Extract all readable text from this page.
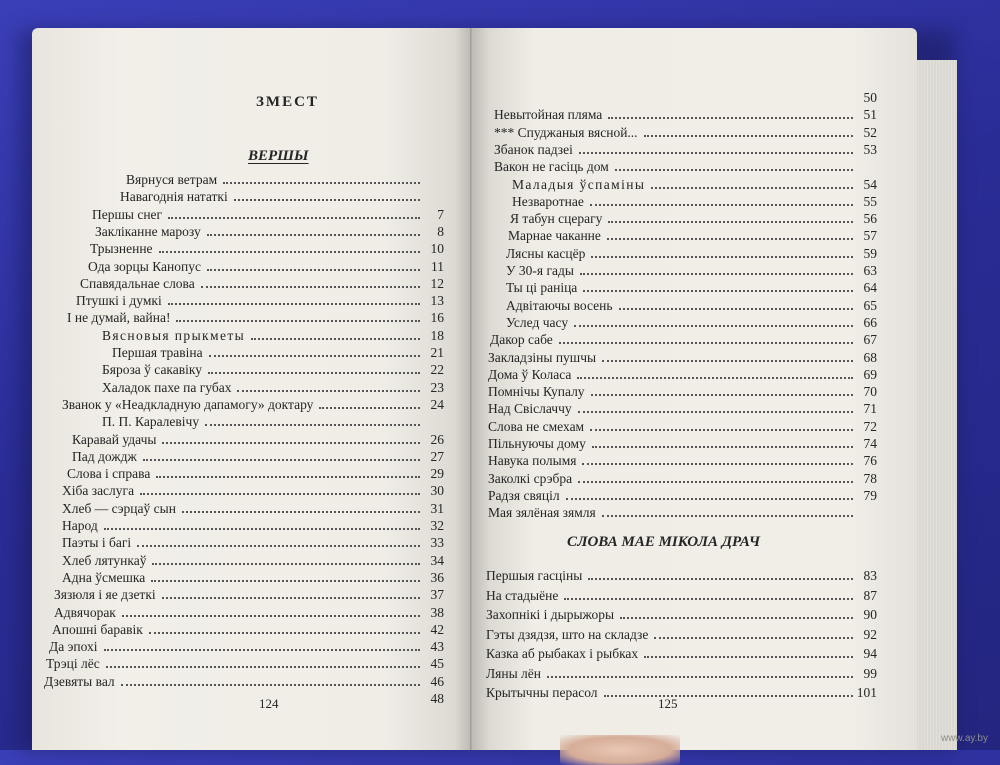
ЗМЕСТ
ВЕРШЫ
Вярнуся ветрам
Навагоднія нататкі
Першы снег	7
Закліканне марозу	8
Трызненне	10
Ода зорцы Канопус	11
Спавядальнае слова	12
Птушкі і думкі	13
І не думай, вайна!	16
Вясновыя прыкметы	18
Першая травіна	21
Бяроза ў сакавіку	22
Халадок пахе па губах	23
Званок у «Неадкладную дапамогу» доктару	24
П. П. Каралевічу
Каравай удачы	26
Пад дождж	27
Слова і справа	29
Хіба заслуга	30
Хлеб — сэрцаў сын	31
Народ	32
Паэты і багі	33
Хлеб лятункаў	34
Адна ўсмешка	36
Зязюля і яе дзеткі	37
Адвячорак	38
Апошні баравік	42
Да эпохі	43
Трэці лёс	45
Дзевяты вал	46
48
124
50
Невытойная пляма	51
*** Спуджаныя вясной...	52
Збанок падзеі	53
Вакон не гасіць дом
Маладыя ўспаміны	54
Незваротнае	55
Я табун сцерагу	56
Марнае чаканне	57
Лясны касцёр	59
У 30-я гады	63
Ты ці раніца	64
Адвітаючы восень	65
Услед часу	66
Дакор сабе	67
Закладзіны пушчы	68
Дома ў Коласа	69
Помнічы Купалу	70
Над Свіслаччу	71
Слова не смехам	72
Пільнуючы дому	74
Навука полымя	76
Заколкі срэбра	78
Радзя свяціл	79
Мая зялёная зямля
СЛОВА МАЕ МІКОЛА ДРАЧ
Першыя гасціны	83
На стадыёне	87
Захопнікі і дырыжоры	90
Гэты дзядзя, што на складзе	92
Казка аб рыбаках і рыбках	94
Ляны лён	99
Крытычны перасол	101
125
www.ay.by
